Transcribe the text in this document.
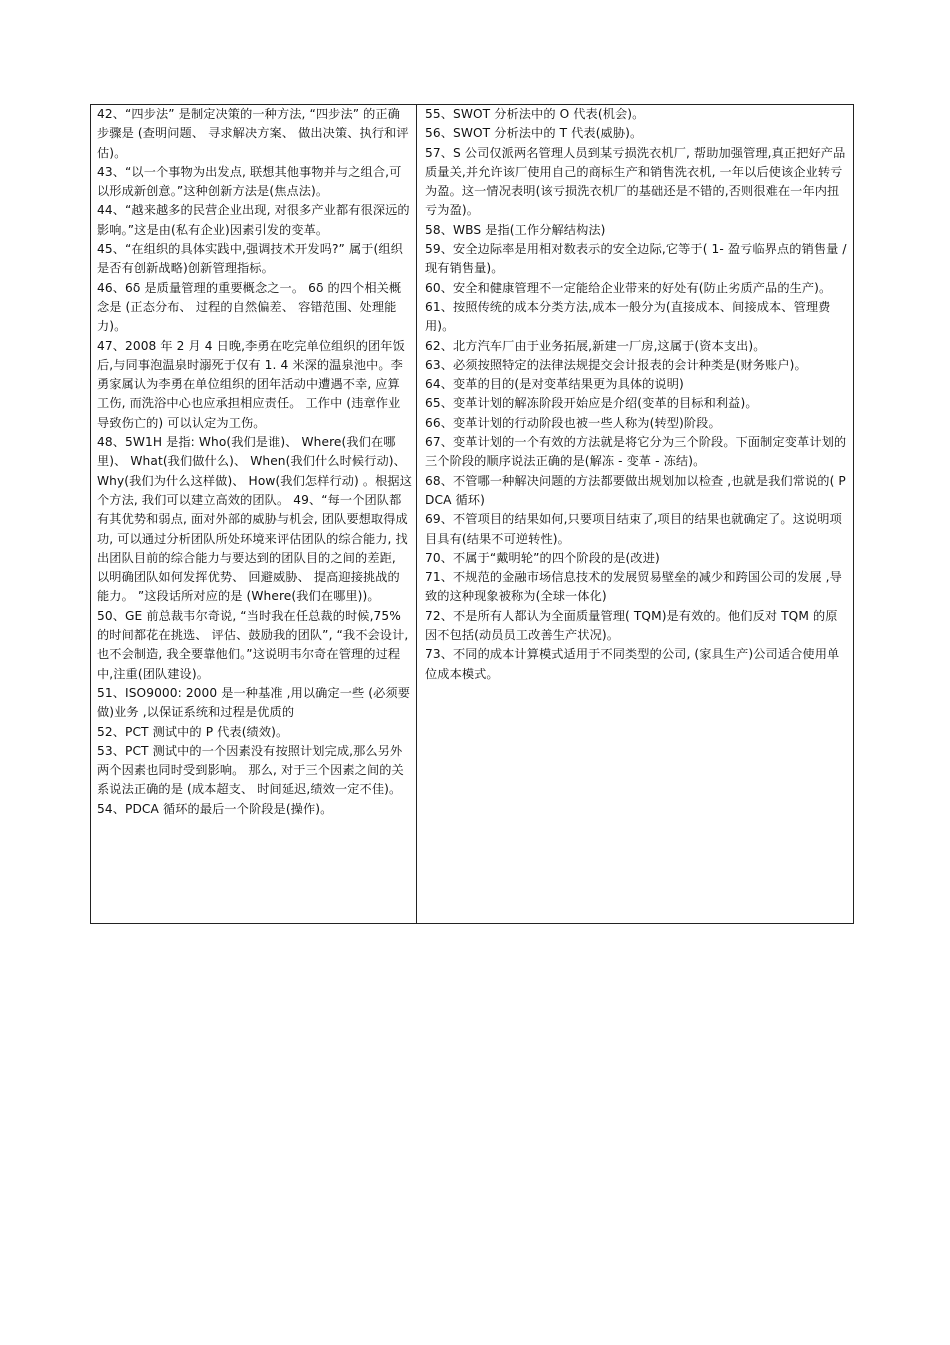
42、“四步法” 是制定决策的一种方法, “四步法” 的正确步骤是 (查明问题、 寻求解决方案、 做出决策、执行和评估)。

43、“以一个事物为出发点, 联想其他事物并与之组合,可以形成新创意。”这种创新方法是(焦点法)。

44、“越来越多的民营企业出现, 对很多产业都有很深远的影响。”这是由(私有企业)因素引发的变革。

45、“在组织的具体实践中,强调技术开发吗?” 属于(组织是否有创新战略)创新管理指标。

46、6δ 是质量管理的重要概念之一。 6δ 的四个相关概念是 (正态分布、 过程的自然偏差、 容错范围、处理能力)。

47、2008 年 2 月 4 日晚,李勇在吃完单位组织的团年饭后,与同事泡温泉时溺死于仅有 1. 4 米深的温泉池中。李勇家属认为李勇在单位组织的团年活动中遭遇不幸, 应算工伤, 而洗浴中心也应承担相应责任。 工作中 (违章作业导致伤亡的) 可以认定为工伤。

48、5W1H 是指: Who(我们是谁)、 Where(我们在哪里)、 What(我们做什么)、 When(我们什么时候行动)、 Why(我们为什么这样做)、 How(我们怎样行动) 。根据这个方法, 我们可以建立高效的团队。 49、“每一个团队都有其优势和弱点, 面对外部的威胁与机会, 团队要想取得成功, 可以通过分析团队所处环境来评估团队的综合能力, 找出团队目前的综合能力与要达到的团队目的之间的差距, 以明确团队如何发挥优势、 回避威胁、 提高迎接挑战的能力。 ”这段话所对应的是 (Where(我们在哪里))。

50、GE 前总裁韦尔奇说, “当时我在任总裁的时候,75%的时间都花在挑选、 评估、鼓励我的团队”, “我不会设计, 也不会制造, 我全要靠他们。”这说明韦尔奇在管理的过程中,注重(团队建设)。

51、ISO9000: 2000 是一种基准 ,用以确定一些 (必须要做)业务 ,以保证系统和过程是优质的

52、PCT 测试中的 P 代表(绩效)。

53、PCT 测试中的一个因素没有按照计划完成,那么另外两个因素也同时受到影响。 那么, 对于三个因素之间的关系说法正确的是 (成本超支、 时间延迟,绩效一定不佳)。

54、PDCA 循环的最后一个阶段是(操作)。

55、SWOT 分析法中的 O 代表(机会)。

56、SWOT 分析法中的 T 代表(威胁)。

57、S 公司仅派两名管理人员到某亏损洗衣机厂, 帮助加强管理,真正把好产品质量关,并允许该厂使用自己的商标生产和销售洗衣机, 一年以后使该企业转亏为盈。这一情况表明(该亏损洗衣机厂的基础还是不错的,否则很难在一年内扭亏为盈)。

58、WBS 是指(工作分解结构法)

59、安全边际率是用相对数表示的安全边际,它等于( 1- 盈亏临界点的销售量 / 现有销售量)。

60、安全和健康管理不一定能给企业带来的好处有(防止劣质产品的生产)。

61、按照传统的成本分类方法,成本一般分为(直接成本、间接成本、管理费用)。

62、北方汽车厂由于业务拓展,新建一厂房,这属于(资本支出)。

63、必须按照特定的法律法规提交会计报表的会计种类是(财务账户)。

64、变革的目的(是对变革结果更为具体的说明)

65、变革计划的解冻阶段开始应是介绍(变革的目标和利益)。

66、变革计划的行动阶段也被一些人称为(转型)阶段。

67、变革计划的一个有效的方法就是将它分为三个阶段。下面制定变革计划的三个阶段的顺序说法正确的是(解冻 - 变革 - 冻结)。

68、不管哪一种解决问题的方法都要做出规划加以检查 ,也就是我们常说的( PDCA 循环)

69、不管项目的结果如何,只要项目结束了,项目的结果也就确定了。这说明项目具有(结果不可逆转性)。

70、不属于“戴明轮”的四个阶段的是(改进)

71、不规范的金融市场信息技术的发展贸易壁垒的减少和跨国公司的发展 ,导致的这种现象被称为(全球一体化)

72、不是所有人都认为全面质量管理( TQM)是有效的。他们反对 TQM 的原因不包括(动员员工改善生产状况)。

73、不同的成本计算模式适用于不同类型的公司, (家具生产)公司适合使用单位成本模式。
